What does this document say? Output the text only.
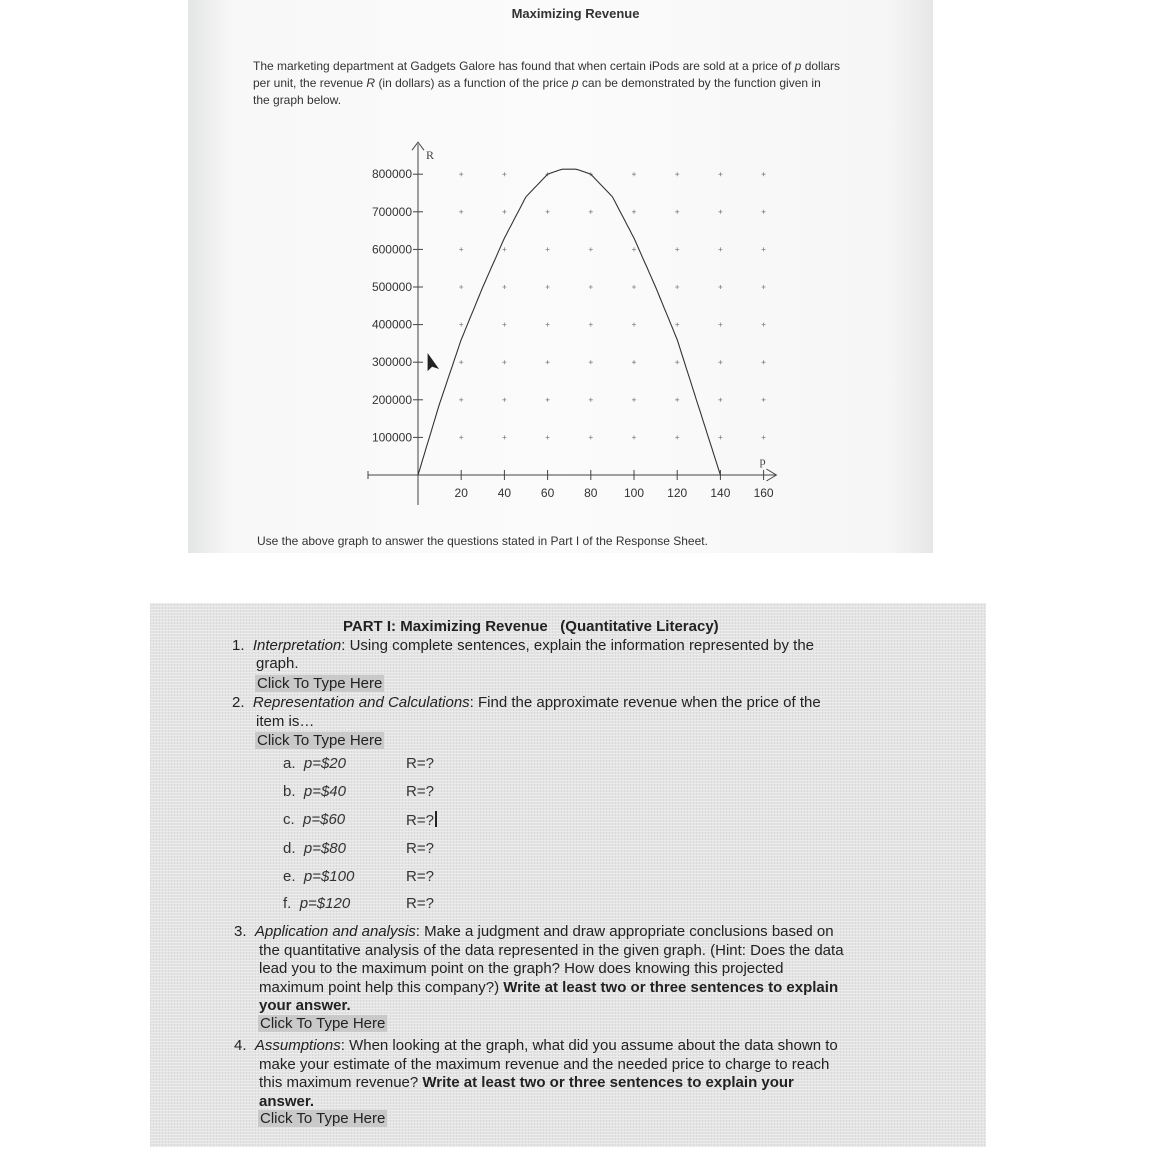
Maximizing Revenue
The marketing department at Gadgets Galore has found that when certain iPods are sold at a price of p dollars
per unit, the revenue R (in dollars) as a function of the price p can be demonstrated by the function given in
the graph below.
R
p
100000
200000
300000
400000
500000
600000
700000
800000
20 40 60 80 100 120 140 160
Use the above graph to answer the questions stated in Part I of the Response Sheet.
PART I: Maximizing Revenue (Quantitative Literacy)
1. Interpretation: Using complete sentences, explain the information represented by the
graph.
Click To Type Here
2. Representation and Calculations: Find the approximate revenue when the price of the
item is…
Click To Type Here
a. p=$20	R=?
b. p=$40	R=?
c. p=$60	R=?
d. p=$80	R=?
e. p=$100	R=?
f. p=$120	R=?
3. Application and analysis: Make a judgment and draw appropriate conclusions based on
the quantitative analysis of the data represented in the given graph. (Hint: Does the data
lead you to the maximum point on the graph? How does knowing this projected
maximum point help this company?) Write at least two or three sentences to explain
your answer.
Click To Type Here
4. Assumptions: When looking at the graph, what did you assume about the data shown to
make your estimate of the maximum revenue and the needed price to charge to reach
this maximum revenue? Write at least two or three sentences to explain your
answer.
Click To Type Here
